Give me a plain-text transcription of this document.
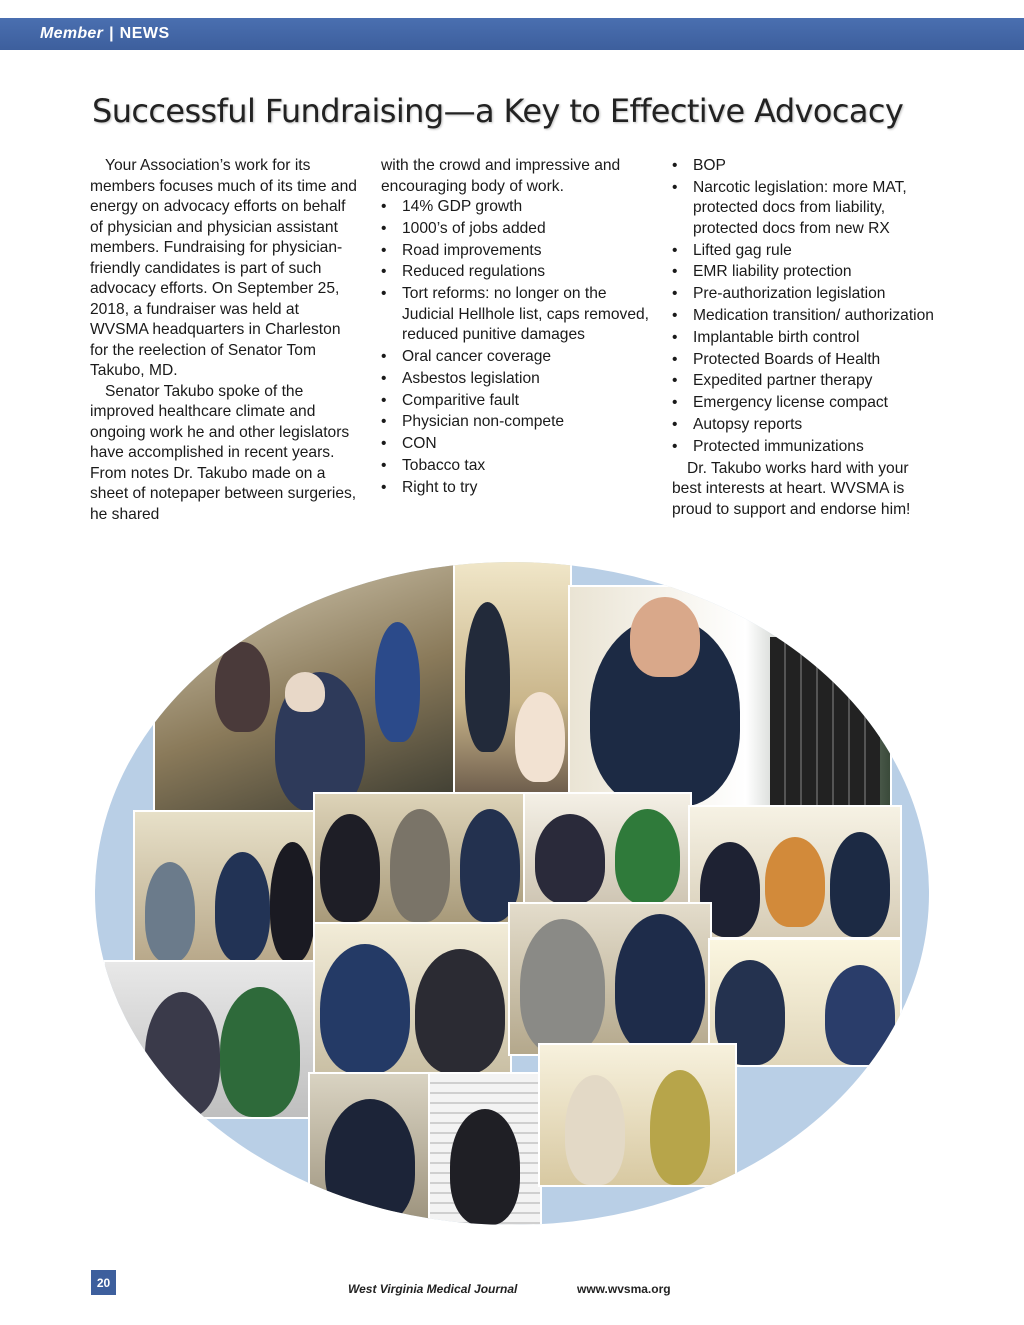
Member | NEWS
Successful Fundraising—a Key to Effective Advocacy

Your Association’s work for its members focuses much of its time and energy on advocacy efforts on behalf of physician and physician assistant members. Fundraising for physician-friendly candidates is part of such advocacy efforts. On September 25, 2018, a fundraiser was held at WVSMA headquarters in Charleston for the reelection of Senator Tom Takubo, MD.

Senator Takubo spoke of the improved healthcare climate and ongoing work he and other legislators have accomplished in recent years. From notes Dr. Takubo made on a sheet of notepaper between surgeries, he shared

with the crowd and impressive and encouraging body of work.

• 14% GDP growth
• 1000’s of jobs added
• Road improvements
• Reduced regulations
• Tort reforms: no longer on the Judicial Hellhole list, caps removed, reduced punitive damages
• Oral cancer coverage
• Asbestos legislation
• Comparitive fault
• Physician non-compete
• CON
• Tobacco tax
• Right to try
• BOP
• Narcotic legislation: more MAT, protected docs from liability, protected docs from new RX
• Lifted gag rule
• EMR liability protection
• Pre-authorization legislation
• Medication transition/ authorization
• Implantable birth control
• Protected Boards of Health
• Expedited partner therapy
• Emergency license compact
• Autopsy reports
• Protected immunizations

Dr. Takubo works hard with your best interests at heart. WVSMA is proud to support and endorse him!

20	West Virginia Medical Journal	www.wvsma.org
